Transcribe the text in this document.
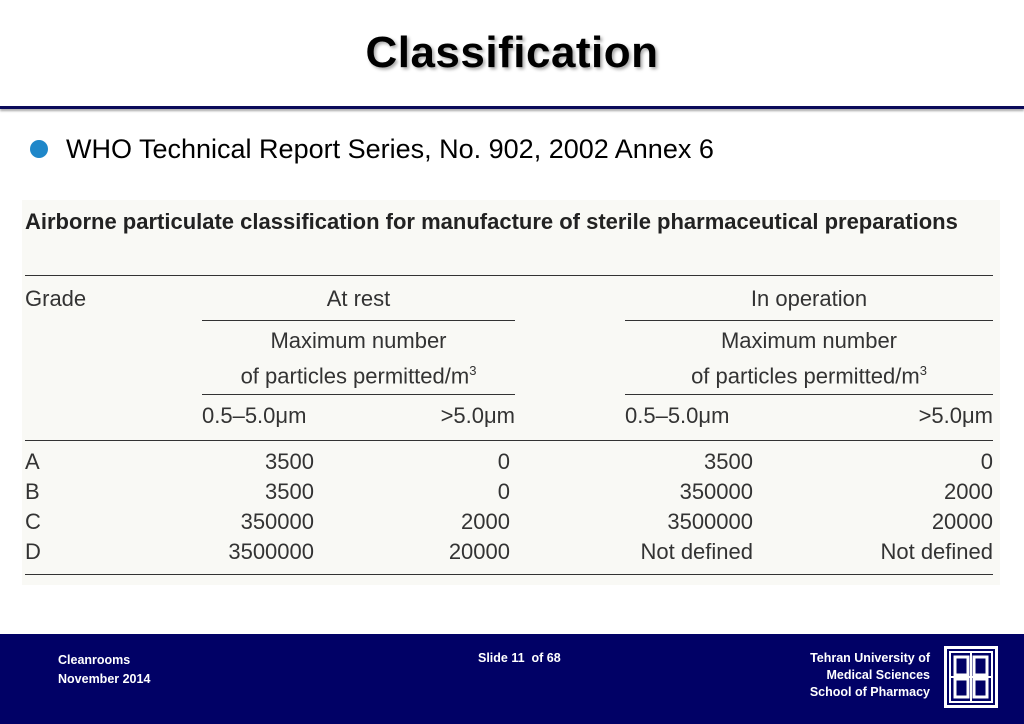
Classification
WHO Technical Report Series, No. 902, 2002 Annex 6
Airborne particulate classification for manufacture of sterile pharmaceutical preparations
Grade	At rest	In operation
Maximum number
of particles permitted/$m^3$
Maximum number
of particles permitted/$m^3$
0.5–5.0μm	>5.0μm	0.5–5.0μm	>5.0μm
A	3500	0	3500	0
B	3500	0	350000	2000
C	350000	2000	3500000	20000
D	3500000	20000	Not defined	Not defined
Cleanrooms
November 2014
Slide 11  of 68	Tehran University of
Medical Sciences
School of Pharmacy
